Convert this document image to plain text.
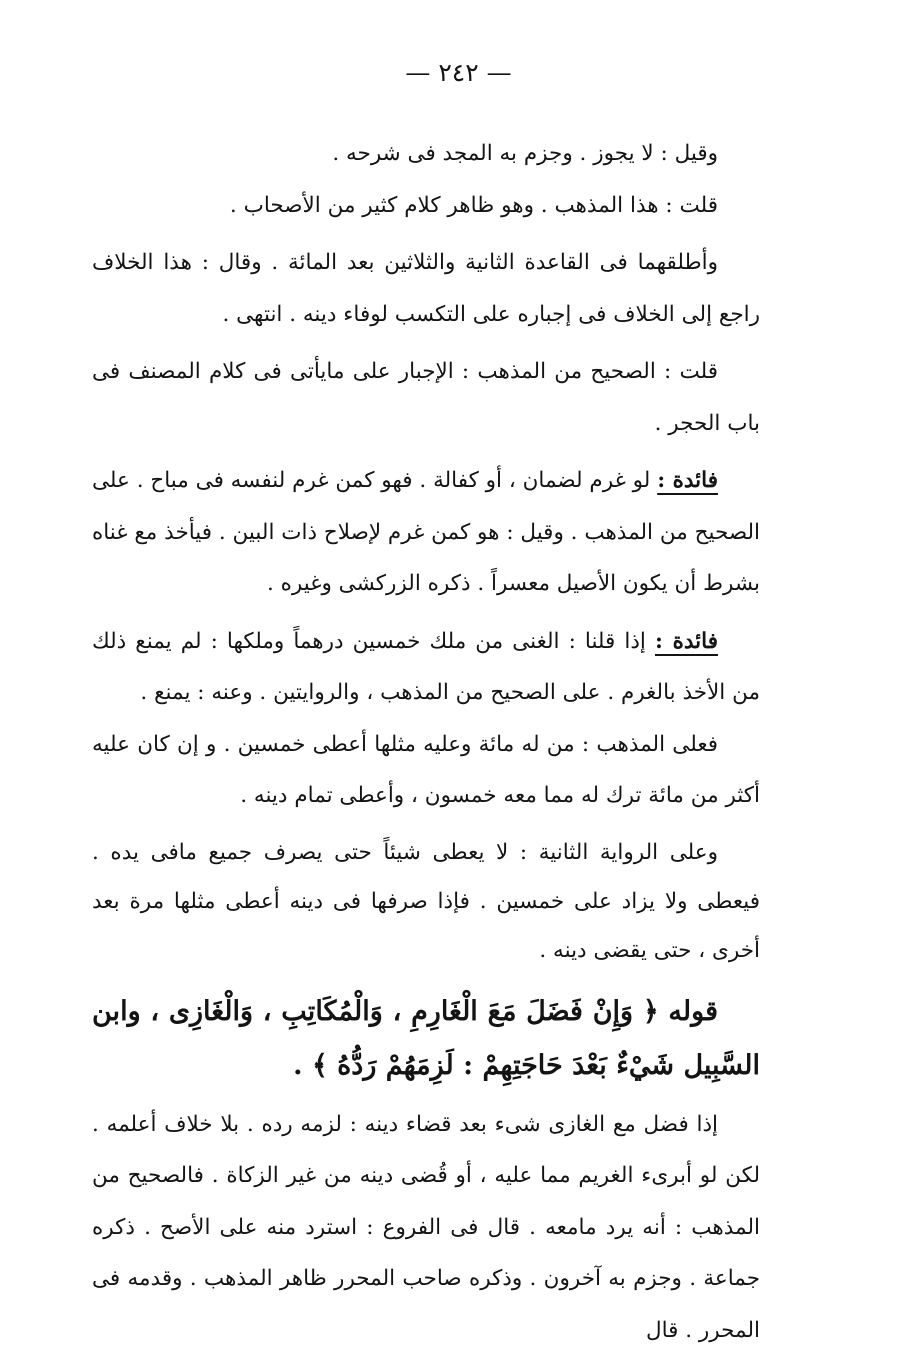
— ٢٤٢ —

وقيل : لا يجوز . وجزم به المجد فى شرحه .

قلت : هذا المذهب . وهو ظاهر كلام كثير من الأصحاب .

وأطلقهما فى القاعدة الثانية والثلاثين بعد المائة . وقال : هذا الخلاف راجع إلى الخلاف فى إجباره على التكسب لوفاء دينه . انتهى .

قلت : الصحيح من المذهب : الإجبار على مايأتى فى كلام المصنف فى باب الحجر .

فائدة : لو غرم لضمان ، أو كفالة . فهو كمن غرم لنفسه فى مباح . على الصحيح من المذهب . وقيل : هو كمن غرم لإصلاح ذات البين . فيأخذ مع غناه بشرط أن يكون الأصيل معسراً . ذكره الزركشى وغيره .

فائدة : إذا قلنا : الغنى من ملك خمسين درهماً وملكها : لم يمنع ذلك من الأخذ بالغرم . على الصحيح من المذهب ، والروايتين . وعنه : يمنع .

فعلى المذهب : من له مائة وعليه مثلها أعطى خمسين . و إن كان عليه أكثر من مائة ترك له مما معه خمسون ، وأعطى تمام دينه .

وعلى الرواية الثانية : لا يعطى شيئاً حتى يصرف جميع مافى يده . فيعطى ولا يزاد على خمسين . فإذا صرفها فى دينه أعطى مثلها مرة بعد أخرى ، حتى يقضى دينه .

قوله ﴿ وَإِنْ فَضَلَ مَعَ الْغَارِمِ ، وَالْمُكَاتِبِ ، وَالْغَازِى ، وابن السَّبِيل شَيْءٌ بَعْدَ حَاجَتِهِمْ : لَزِمَهُمْ رَدُّهُ ﴾ .

إذا فضل مع الغازى شىء بعد قضاء دينه : لزمه رده . بلا خلاف أعلمه . لكن لو أبرىء الغريم مما عليه ، أو قُضى دينه من غير الزكاة . فالصحيح من المذهب : أنه يرد مامعه . قال فى الفروع : استرد منه على الأصح . ذكره جماعة . وجزم به آخرون . وذكره صاحب المحرر ظاهر المذهب . وقدمه فى المحرر . قال
